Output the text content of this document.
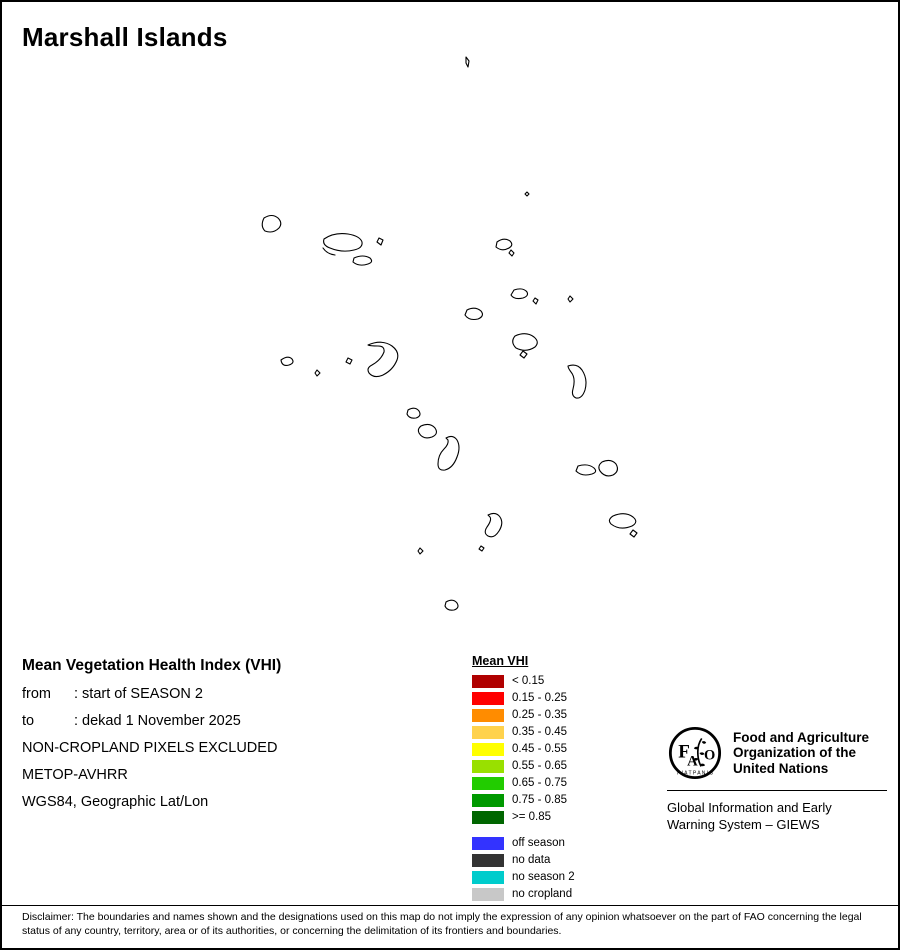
Marshall Islands
Mean Vegetation Health Index (VHI)
from : start of SEASON 2
to	: dekad 1 November 2025
NON-CROPLAND PIXELS EXCLUDED
METOP-AVHRR
WGS84, Geographic Lat/Lon
Mean VHI
< 0.15
0.15 - 0.25
0.25 - 0.35
0.35 - 0.45
0.45 - 0.55
0.55 - 0.65
0.65 - 0.75
0.75 - 0.85
>= 0.85
off season
no data
no season 2
no cropland
F
A O
F I A T P A N I S
Food and Agriculture
Organization of the
United Nations
Global Information and Early
Warning System – GIEWS
Disclaimer: The boundaries and names shown and the designations used on this map do not imply the expression of any opinion whatsoever on the part of FAO concerning the legal status of any country, territory, area or of its authorities, or concerning the delimitation of its frontiers and boundaries.
